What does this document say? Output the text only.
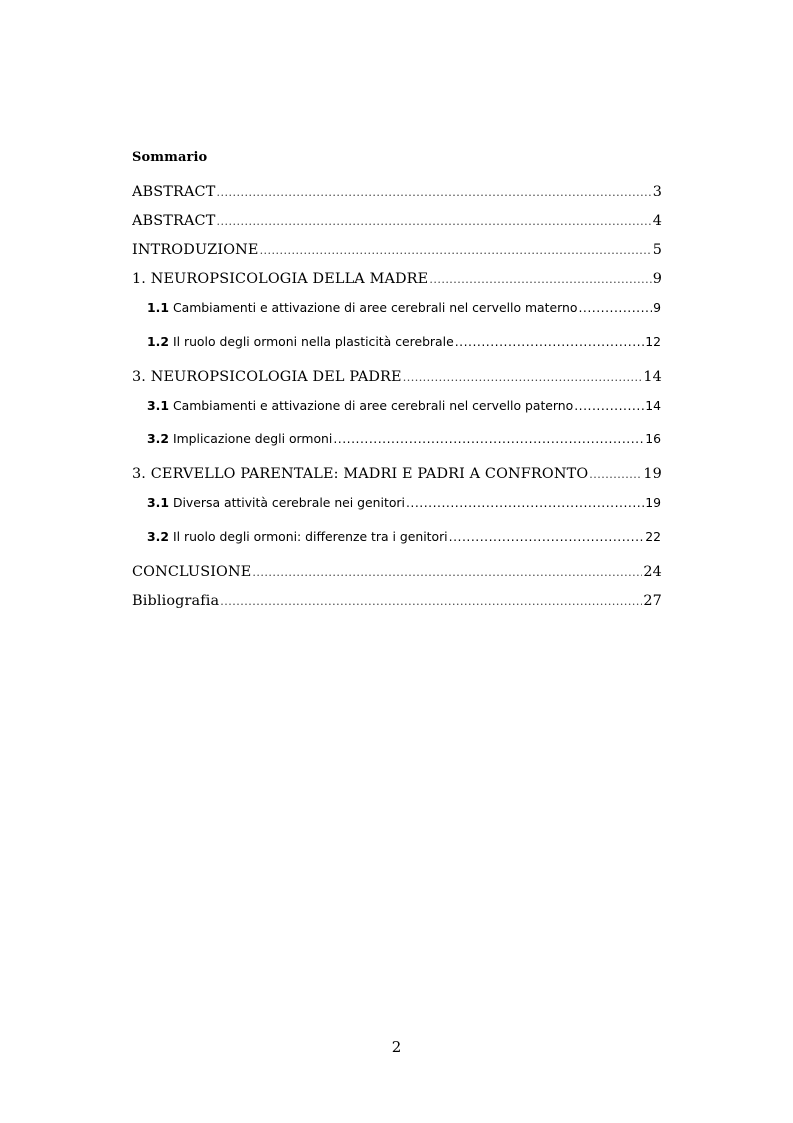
Sommario
ABSTRACT .....	3
ABSTRACT .....	4
INTRODUZIONE .....	5
1. NEUROPSICOLOGIA DELLA MADRE .....	9
1.1 Cambiamenti e attivazione di aree cerebrali nel cervello materno .....	9
1.2 Il ruolo degli ormoni nella plasticità cerebrale .....	12
3. NEUROPSICOLOGIA DEL PADRE .....	14
3.1 Cambiamenti e attivazione di aree cerebrali nel cervello paterno .....	14
3.2 Implicazione degli ormoni .....	16
3. CERVELLO PARENTALE: MADRI E PADRI A CONFRONTO .....	19
3.1 Diversa attività cerebrale nei genitori .....	19
3.2 Il ruolo degli ormoni: differenze tra i genitori .....	22
CONCLUSIONE .....	24
Bibliografia .....	27
2
